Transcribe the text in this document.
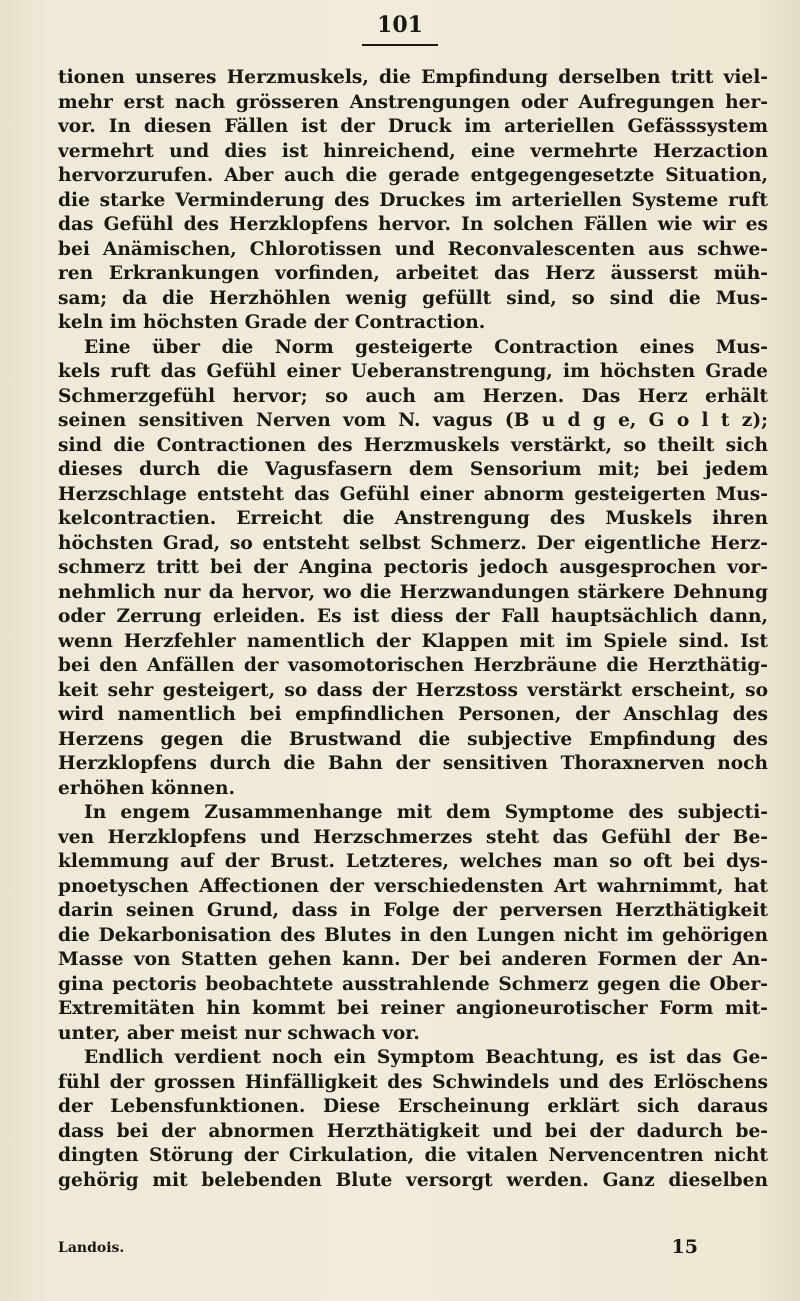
101
tionen unseres Herzmuskels, die Empfindung derselben tritt viel-
mehr erst nach grösseren Anstrengungen oder Aufregungen her-
vor. In diesen Fällen ist der Druck im arteriellen Gefässsystem
vermehrt und dies ist hinreichend, eine vermehrte Herzaction
hervorzurufen. Aber auch die gerade entgegengesetzte Situation,
die starke Verminderung des Druckes im arteriellen Systeme ruft
das Gefühl des Herzklopfens hervor. In solchen Fällen wie wir es
bei Anämischen, Chlorotissen und Reconvalescenten aus schwe-
ren Erkrankungen vorfinden, arbeitet das Herz äusserst müh-
sam; da die Herzhöhlen wenig gefüllt sind, so sind die Mus-
keln im höchsten Grade der Contraction.
Eine über die Norm gesteigerte Contraction eines Mus-
kels ruft das Gefühl einer Ueberanstrengung, im höchsten Grade
Schmerzgefühl hervor; so auch am Herzen. Das Herz erhält
seinen sensitiven Nerven vom N. vagus (B u d g e, G o l t z);
sind die Contractionen des Herzmuskels verstärkt, so theilt sich
dieses durch die Vagusfasern dem Sensorium mit; bei jedem
Herzschlage entsteht das Gefühl einer abnorm gesteigerten Mus-
kelcontractien. Erreicht die Anstrengung des Muskels ihren
höchsten Grad, so entsteht selbst Schmerz. Der eigentliche Herz-
schmerz tritt bei der Angina pectoris jedoch ausgesprochen vor-
nehmlich nur da hervor, wo die Herzwandungen stärkere Dehnung
oder Zerrung erleiden. Es ist diess der Fall hauptsächlich dann,
wenn Herzfehler namentlich der Klappen mit im Spiele sind. Ist
bei den Anfällen der vasomotorischen Herzbräune die Herzthätig-
keit sehr gesteigert, so dass der Herzstoss verstärkt erscheint, so
wird namentlich bei empfindlichen Personen, der Anschlag des
Herzens gegen die Brustwand die subjective Empfindung des
Herzklopfens durch die Bahn der sensitiven Thoraxnerven noch
erhöhen können.
In engem Zusammenhange mit dem Symptome des subjecti-
ven Herzklopfens und Herzschmerzes steht das Gefühl der Be-
klemmung auf der Brust. Letzteres, welches man so oft bei dys-
pnoetyschen Affectionen der verschiedensten Art wahrnimmt, hat
darin seinen Grund, dass in Folge der perversen Herzthätigkeit
die Dekarbonisation des Blutes in den Lungen nicht im gehörigen
Masse von Statten gehen kann. Der bei anderen Formen der An-
gina pectoris beobachtete ausstrahlende Schmerz gegen die Ober-
Extremitäten hin kommt bei reiner angioneurotischer Form mit-
unter, aber meist nur schwach vor.
Endlich verdient noch ein Symptom Beachtung, es ist das Ge-
fühl der grossen Hinfälligkeit des Schwindels und des Erlöschens
der Lebensfunktionen. Diese Erscheinung erklärt sich daraus
dass bei der abnormen Herzthätigkeit und bei der dadurch be-
dingten Störung der Cirkulation, die vitalen Nervencentren nicht
gehörig mit belebenden Blute versorgt werden. Ganz dieselben
Landois.	15
